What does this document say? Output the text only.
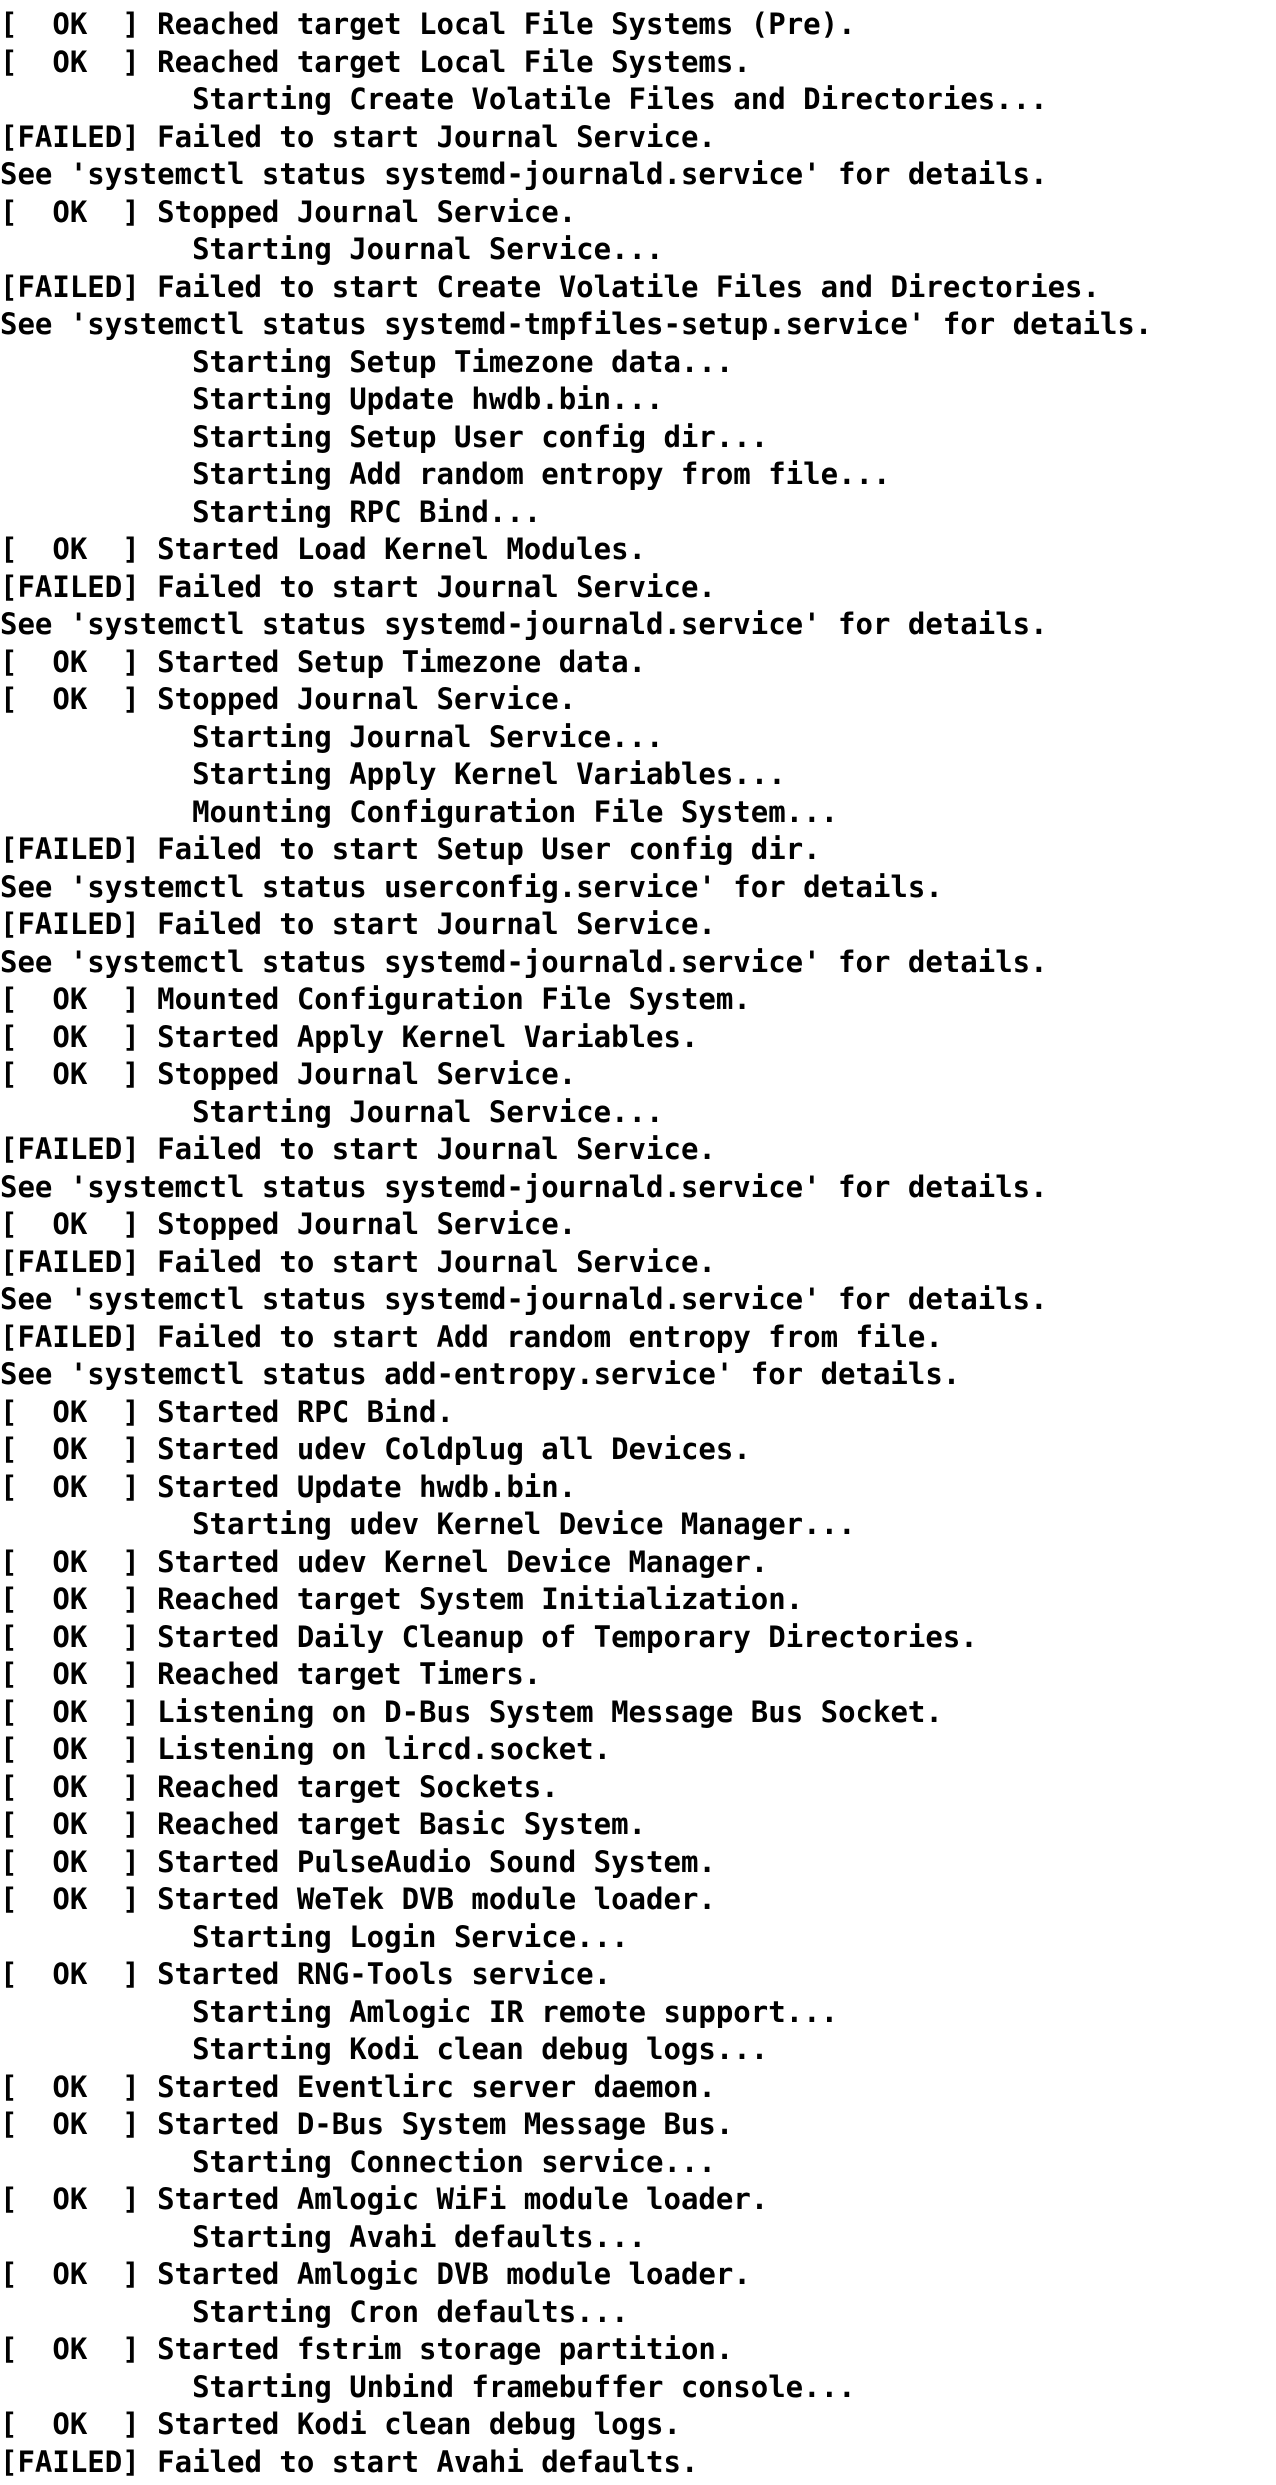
[  OK  ] Reached target Local File Systems (Pre).
[  OK  ] Reached target Local File Systems.
Starting Create Volatile Files and Directories...
[FAILED] Failed to start Journal Service.
See 'systemctl status systemd-journald.service' for details.
[  OK  ] Stopped Journal Service.
Starting Journal Service...
[FAILED] Failed to start Create Volatile Files and Directories.
See 'systemctl status systemd-tmpfiles-setup.service' for details.
Starting Setup Timezone data...
Starting Update hwdb.bin...
Starting Setup User config dir...
Starting Add random entropy from file...
Starting RPC Bind...
[  OK  ] Started Load Kernel Modules.
[FAILED] Failed to start Journal Service.
See 'systemctl status systemd-journald.service' for details.
[  OK  ] Started Setup Timezone data.
[  OK  ] Stopped Journal Service.
Starting Journal Service...
Starting Apply Kernel Variables...
Mounting Configuration File System...
[FAILED] Failed to start Setup User config dir.
See 'systemctl status userconfig.service' for details.
[FAILED] Failed to start Journal Service.
See 'systemctl status systemd-journald.service' for details.
[  OK  ] Mounted Configuration File System.
[  OK  ] Started Apply Kernel Variables.
[  OK  ] Stopped Journal Service.
Starting Journal Service...
[FAILED] Failed to start Journal Service.
See 'systemctl status systemd-journald.service' for details.
[  OK  ] Stopped Journal Service.
[FAILED] Failed to start Journal Service.
See 'systemctl status systemd-journald.service' for details.
[FAILED] Failed to start Add random entropy from file.
See 'systemctl status add-entropy.service' for details.
[  OK  ] Started RPC Bind.
[  OK  ] Started udev Coldplug all Devices.
[  OK  ] Started Update hwdb.bin.
Starting udev Kernel Device Manager...
[  OK  ] Started udev Kernel Device Manager.
[  OK  ] Reached target System Initialization.
[  OK  ] Started Daily Cleanup of Temporary Directories.
[  OK  ] Reached target Timers.
[  OK  ] Listening on D-Bus System Message Bus Socket.
[  OK  ] Listening on lircd.socket.
[  OK  ] Reached target Sockets.
[  OK  ] Reached target Basic System.
[  OK  ] Started PulseAudio Sound System.
[  OK  ] Started WeTek DVB module loader.
Starting Login Service...
[  OK  ] Started RNG-Tools service.
Starting Amlogic IR remote support...
Starting Kodi clean debug logs...
[  OK  ] Started Eventlirc server daemon.
[  OK  ] Started D-Bus System Message Bus.
Starting Connection service...
[  OK  ] Started Amlogic WiFi module loader.
Starting Avahi defaults...
[  OK  ] Started Amlogic DVB module loader.
Starting Cron defaults...
[  OK  ] Started fstrim storage partition.
Starting Unbind framebuffer console...
[  OK  ] Started Kodi clean debug logs.
[FAILED] Failed to start Avahi defaults.
